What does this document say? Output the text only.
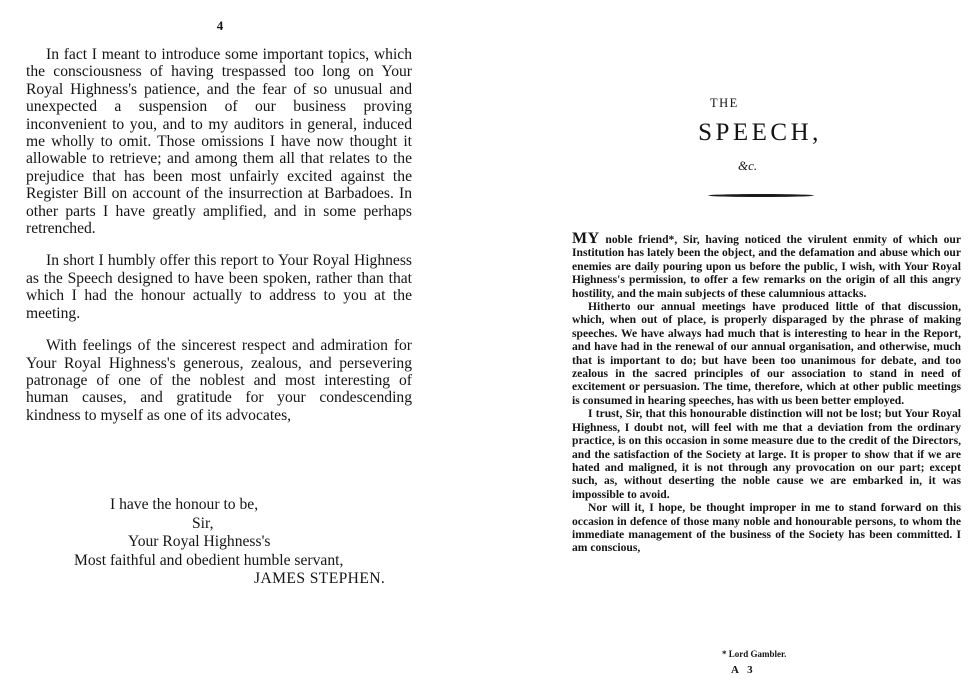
4

In fact I meant to introduce some important topics, which the consciousness of having trespassed too long on Your Royal Highness's patience, and the fear of so unusual and unexpected a suspension of our business proving inconvenient to you, and to my auditors in general, induced me wholly to omit. Those omissions I have now thought it allowable to retrieve; and among them all that relates to the prejudice that has been most unfairly excited against the Register Bill on account of the insurrection at Barbadoes. In other parts I have greatly amplified, and in some perhaps retrenched.

In short I humbly offer this report to Your Royal Highness as the Speech designed to have been spoken, rather than that which I had the honour actually to address to you at the meeting.

With feelings of the sincerest respect and admiration for Your Royal Highness's generous, zealous, and persevering patronage of one of the noblest and most interesting of human causes, and gratitude for your condescending kindness to myself as one of its advocates,

I have the honour to be,
Sir,
Your Royal Highness's
Most faithful and obedient humble servant,
JAMES STEPHEN.
THE
SPEECH,
&c.

MY noble friend*, Sir, having noticed the virulent enmity of which our Institution has lately been the object, and the defamation and abuse which our enemies are daily pouring upon us before the public, I wish, with Your Royal Highness's permission, to offer a few remarks on the origin of all this angry hostility, and the main subjects of these calumnious attacks.

Hitherto our annual meetings have produced little of that discussion, which, when out of place, is properly disparaged by the phrase of making speeches. We have always had much that is interesting to hear in the Report, and have had in the renewal of our annual organisation, and otherwise, much that is important to do; but have been too unanimous for debate, and too zealous in the sacred principles of our association to stand in need of excitement or persuasion. The time, therefore, which at other public meetings is consumed in hearing speeches, has with us been better employed.

I trust, Sir, that this honourable distinction will not be lost; but Your Royal Highness, I doubt not, will feel with me that a deviation from the ordinary practice, is on this occasion in some measure due to the credit of the Directors, and the satisfaction of the Society at large. It is proper to show that if we are hated and maligned, it is not through any provocation on our part; except such, as, without deserting the noble cause we are embarked in, it was impossible to avoid.

Nor will it, I hope, be thought improper in me to stand forward on this occasion in defence of those many noble and honourable persons, to whom the immediate management of the business of the Society has been committed. I am conscious,

* Lord Gambler.
A 3
